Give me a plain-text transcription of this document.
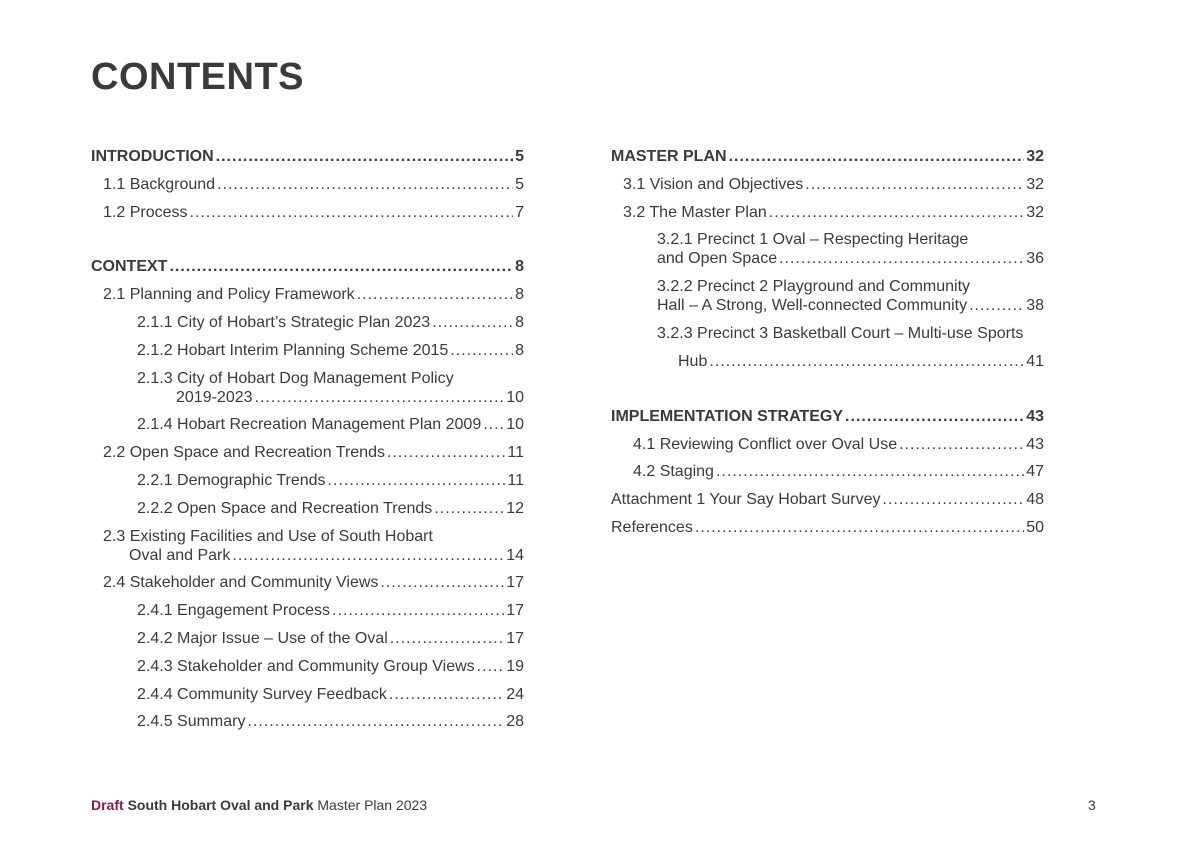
CONTENTS
INTRODUCTION .....	5
1.1 Background .....	5
1.2 Process .....	7
CONTEXT .....	8
2.1 Planning and Policy Framework .....	8
2.1.1 City of Hobart’s Strategic Plan 2023 .....	8
2.1.2 Hobart Interim Planning Scheme 2015 .....	8
2.1.3 City of Hobart Dog Management Policy
2019-2023 .....	10
2.1.4 Hobart Recreation Management Plan 2009 ..... 10
2.2 Open Space and Recreation Trends .....	11
2.2.1 Demographic Trends .....	11
2.2.2 Open Space and Recreation Trends .....	12
2.3 Existing Facilities and Use of South Hobart
Oval and Park .....	14
2.4 Stakeholder and Community Views .....	17
2.4.1 Engagement Process .....	17
2.4.2 Major Issue – Use of the Oval .....	17
2.4.3 Stakeholder and Community Group Views ..... 19
2.4.4 Community Survey Feedback .....	24
2.4.5 Summary .....	28
MASTER PLAN .....	32
3.1 Vision and Objectives .....	32
3.2 The Master Plan .....	32
3.2.1 Precinct 1 Oval – Respecting Heritage
and Open Space .....	36
3.2.2 Precinct 2 Playground and Community
Hall – A Strong, Well-connected Community .....	38
3.2.3 Precinct 3 Basketball Court – Multi-use Sports
Hub .....	41
IMPLEMENTATION STRATEGY .....	43
4.1 Reviewing Conflict over Oval Use .....	43
4.2 Staging .....	47
Attachment 1 Your Say Hobart Survey .....	48
References .....	50
Draft South Hobart Oval and Park Master Plan 2023	3
